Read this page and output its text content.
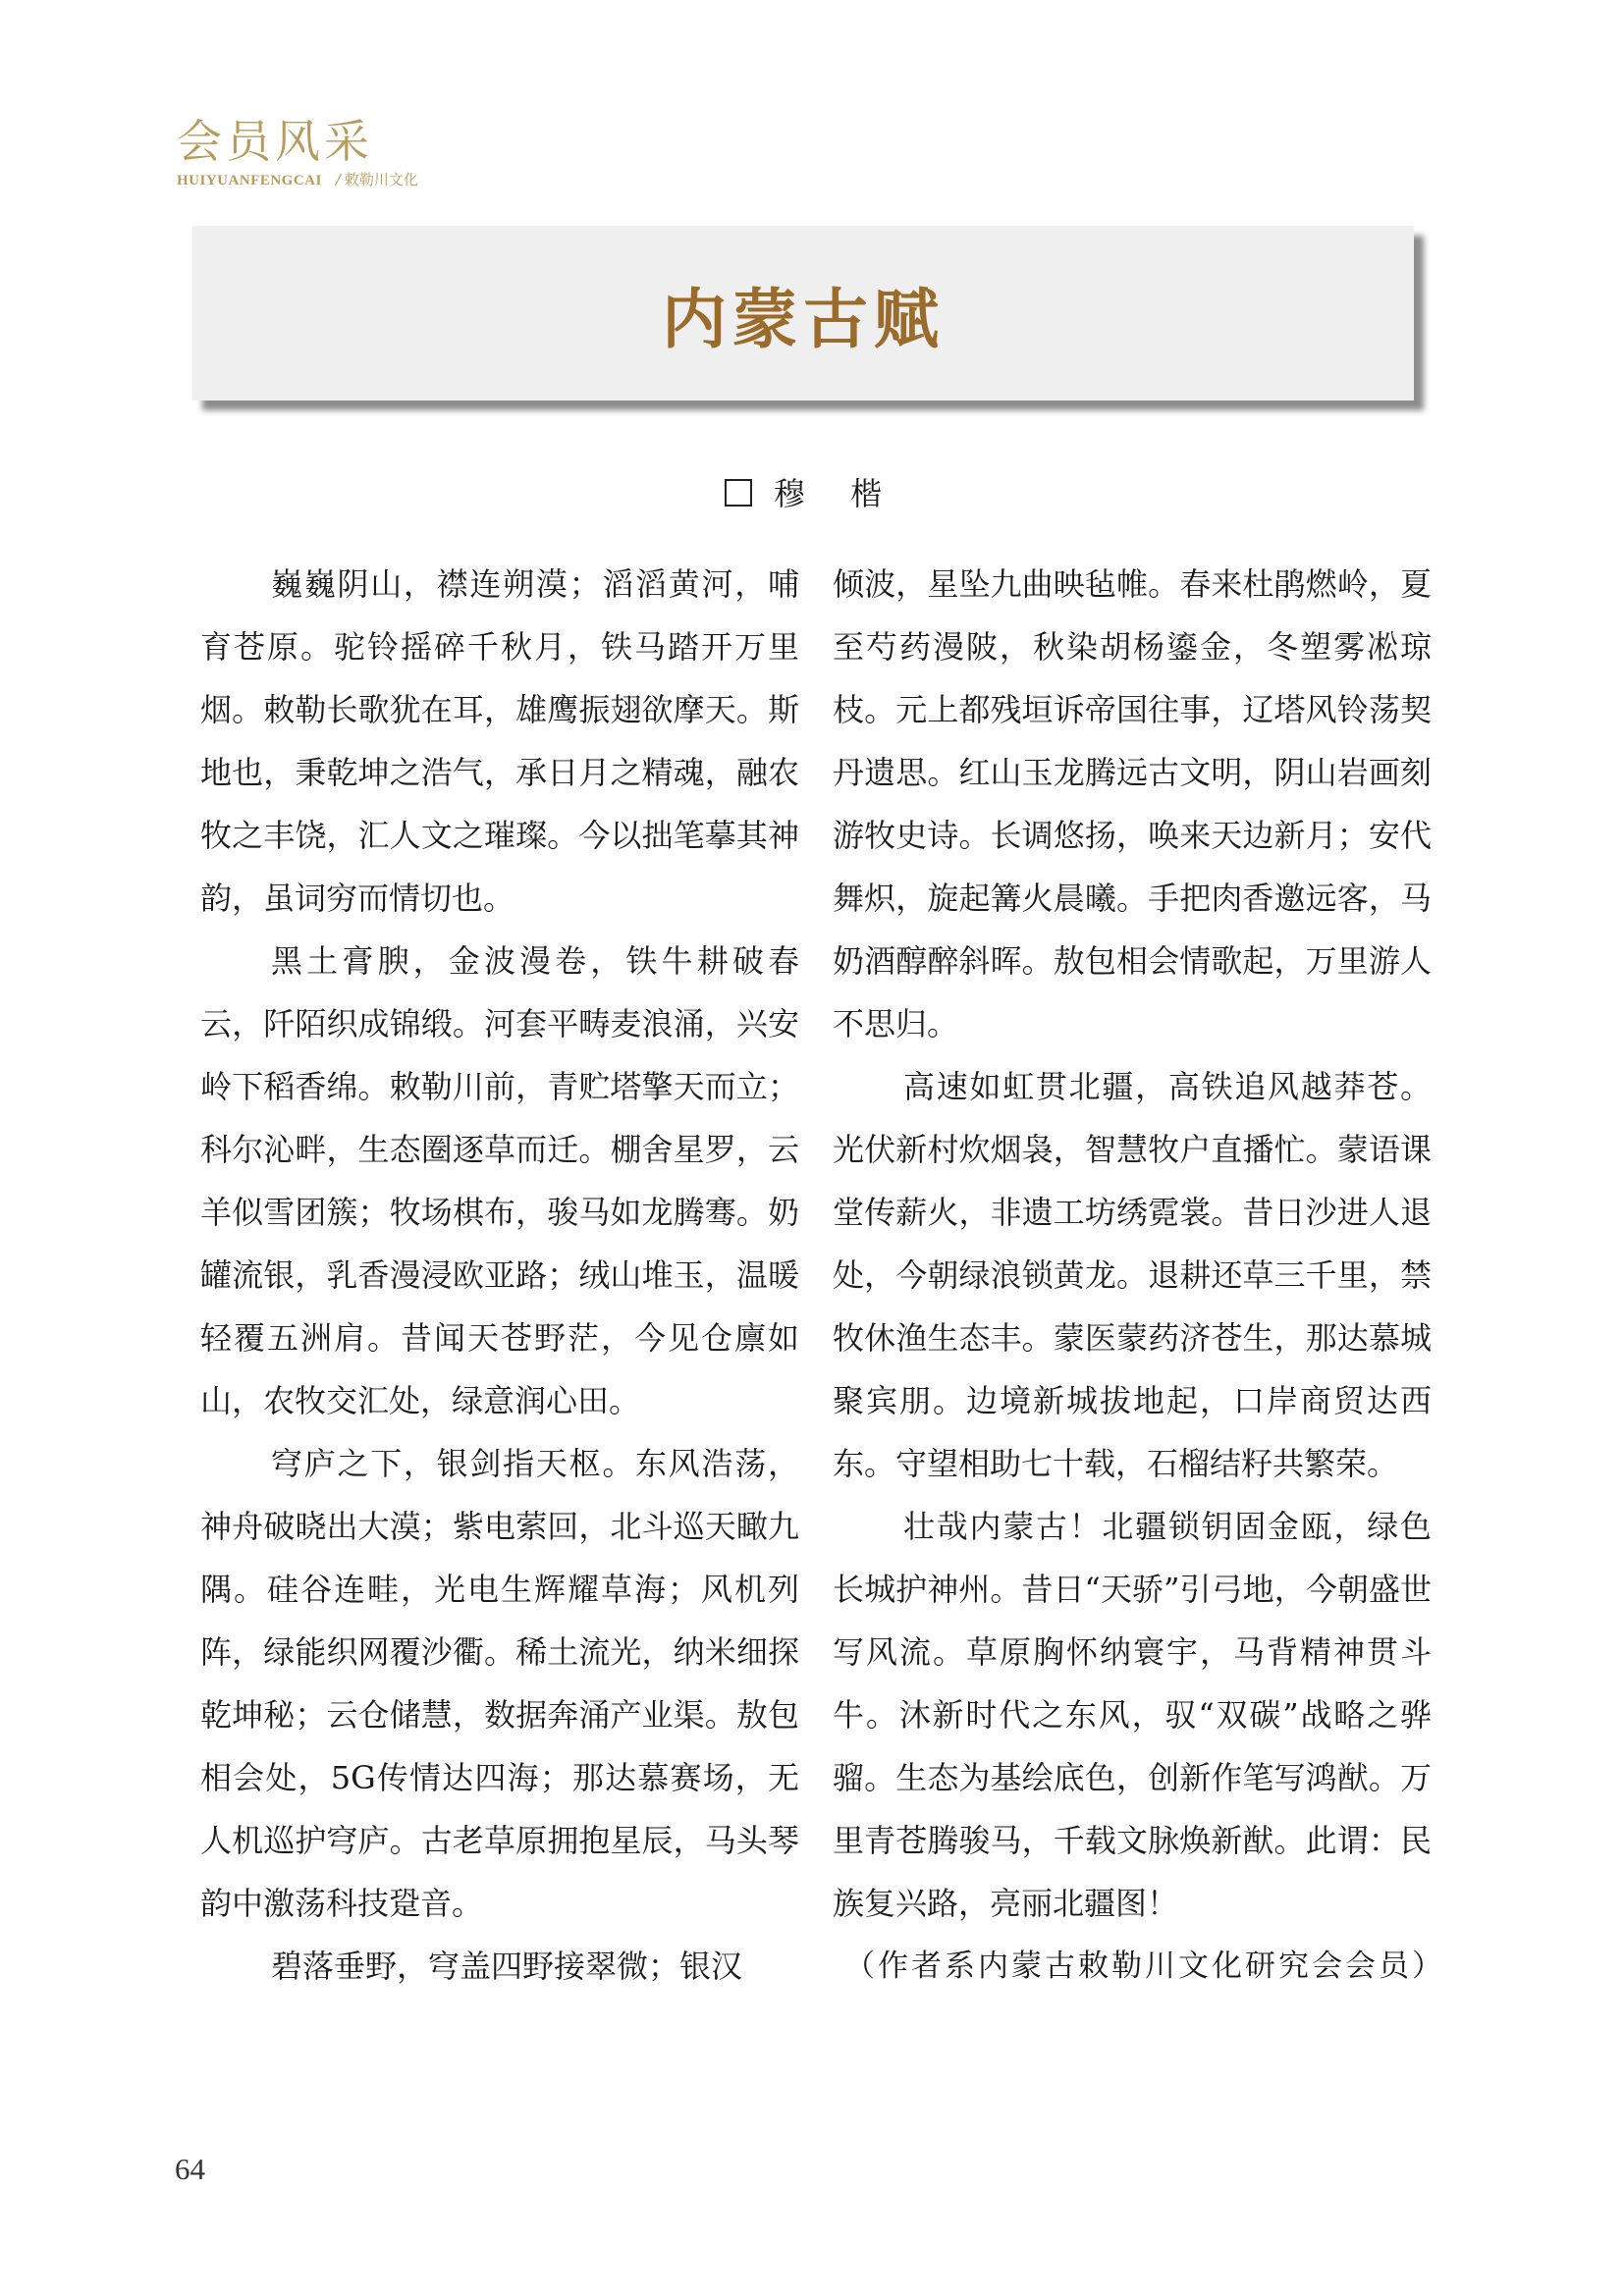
会员风采
HUIYUANFENGCAI / 敕勒川文化
内蒙古赋
穆 楷

巍巍阴山，襟连朔漠；滔滔黄河，哺育苍原。驼铃摇碎千秋月，铁马踏开万里烟。敕勒长歌犹在耳，雄鹰振翅欲摩天。斯地也，秉乾坤之浩气，承日月之精魂，融农牧之丰饶，汇人文之璀璨。今以拙笔摹其神韵，虽词穷而情切也。

黑土膏腴，金波漫卷，铁牛耕破春云，阡陌织成锦缎。河套平畴麦浪涌，兴安岭下稻香绵。敕勒川前，青贮塔擎天而立；科尔沁畔，生态圈逐草而迁。棚舍星罗，云羊似雪团簇；牧场棋布，骏马如龙腾骞。奶罐流银，乳香漫浸欧亚路；绒山堆玉，温暖轻覆五洲肩。昔闻天苍野茫，今见仓廪如山，农牧交汇处，绿意润心田。

穹庐之下，银剑指天枢。东风浩荡，神舟破晓出大漠；紫电萦回，北斗巡天瞰九隅。硅谷连畦，光电生辉耀草海；风机列阵，绿能织网覆沙衢。稀土流光，纳米细探乾坤秘；云仓储慧，数据奔涌产业渠。敖包相会处，5G传情达四海；那达慕赛场，无人机巡护穹庐。古老草原拥抱星辰，马头琴韵中激荡科技跫音。

碧落垂野，穹盖四野接翠微；银汉

倾波，星坠九曲映毡帷。春来杜鹃燃岭，夏至芍药漫陂，秋染胡杨鎏金，冬塑雾凇琼枝。元上都残垣诉帝国往事，辽塔风铃荡契丹遗思。红山玉龙腾远古文明，阴山岩画刻游牧史诗。长调悠扬，唤来天边新月；安代舞炽，旋起篝火晨曦。手把肉香邀远客，马奶酒醇醉斜晖。敖包相会情歌起，万里游人不思归。

高速如虹贯北疆，高铁追风越莽苍。光伏新村炊烟袅，智慧牧户直播忙。蒙语课堂传薪火，非遗工坊绣霓裳。昔日沙进人退处，今朝绿浪锁黄龙。退耕还草三千里，禁牧休渔生态丰。蒙医蒙药济苍生，那达慕城聚宾朋。边境新城拔地起，口岸商贸达西东。守望相助七十载，石榴结籽共繁荣。

壮哉内蒙古！北疆锁钥固金瓯，绿色长城护神州。昔日“天骄”引弓地，今朝盛世写风流。草原胸怀纳寰宇，马背精神贯斗牛。沐新时代之东风，驭“双碳”战略之骅骝。生态为基绘底色，创新作笔写鸿猷。万里青苍腾骏马，千载文脉焕新猷。此谓：民族复兴路，亮丽北疆图！

（作者系内蒙古敕勒川文化研究会会员）

64
